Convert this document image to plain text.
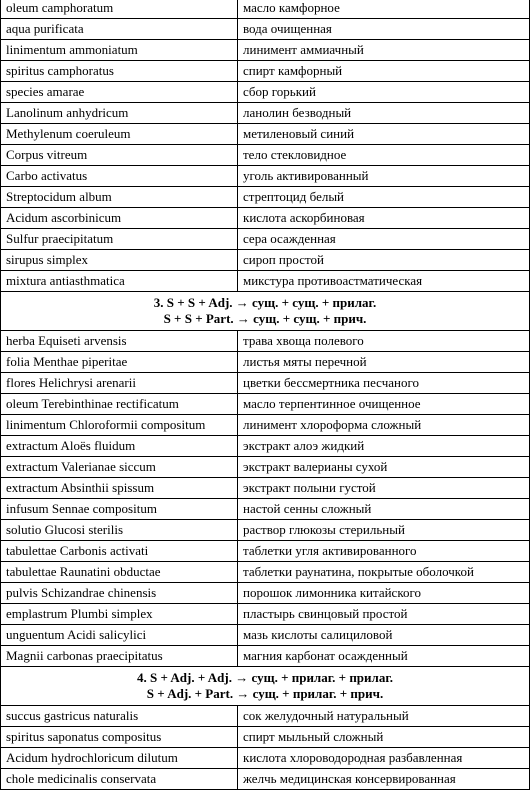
oleum camphoratum	масло камфорное
aqua purificata	вода очищенная
linimentum ammoniatum	линимент аммиачный
spiritus camphoratus	спирт камфорный
species amarae	сбор горький
Lanolinum anhydricum	ланолин безводный
Methylenum coeruleum	метиленовый синий
Corpus vitreum	тело стекловидное
Carbo activatus	уголь активированный
Streptocidum album	стрептоцид белый
Acidum ascorbinicum	кислота аскорбиновая
Sulfur praecipitatum	сера осажденная
sirupus simplex	сироп простой
mixtura antiasthmatica	микстура противоастматическая

3. S + S + Adj. → сущ. + сущ. + прилаг.
S + S + Part. → сущ. + сущ. + прич.	

herba Equiseti arvensis	трава хвоща полевого
folia Menthae piperitae	листья мяты перечной
flores Helichrysi arenarii	цветки бессмертника песчаного
oleum Terebinthinae rectificatum	масло терпентинное очищенное
linimentum Chloroformii compositum	линимент хлороформа сложный
extractum Aloës fluidum	экстракт алоэ жидкий
extractum Valerianae siccum	экстракт валерианы сухой
extractum Absinthii spissum	экстракт полыни густой
infusum Sennae compositum	настой сенны сложный
solutio Glucosi sterilis	раствор глюкозы стерильный
tabulettae Carbonis activati	таблетки угля активированного
tabulettae Raunatini obductae	таблетки раунатина, покрытые оболочкой
pulvis Schizandrae chinensis	порошок лимонника китайского
emplastrum Plumbi simplex	пластырь свинцовый простой
unguentum Acidi salicylici	мазь кислоты салициловой
Magnii carbonas praecipitatus	магния карбонат осажденный

4. S + Adj. + Adj. → сущ. + прилаг. + прилаг.
S + Adj. + Part. → сущ. + прилаг. + прич.	

succus gastricus naturalis	сок желудочный натуральный
spiritus saponatus compositus	спирт мыльный сложный
Acidum hydrochloricum dilutum	кислота хлороводородная разбавленная
chole medicinalis conservata	желчь медицинская консервированная
